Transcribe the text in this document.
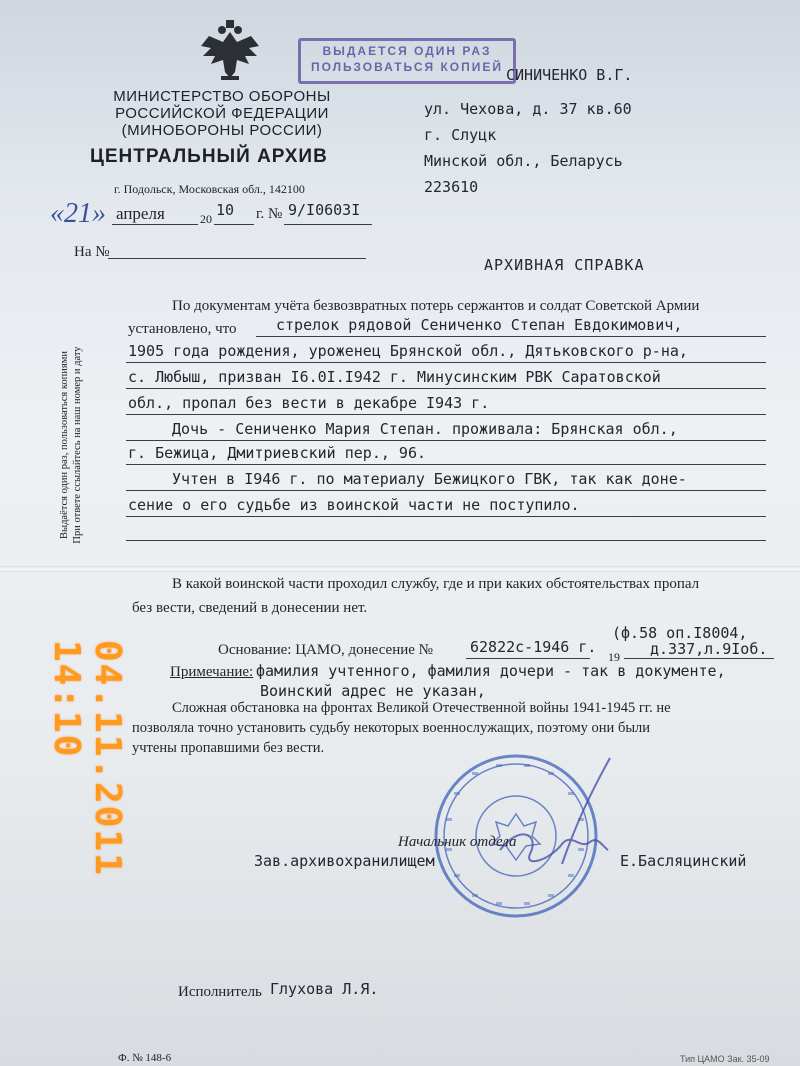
ВЫДАЕТСЯ ОДИН РАЗ
ПОЛЬЗОВАТЬСЯ КОПИЕЙ
МИНИСТЕРСТВО ОБОРОНЫ
РОССИЙСКОЙ ФЕДЕРАЦИИ
(МИНОБОРОНЫ РОССИИ)
ЦЕНТРАЛЬНЫЙ АРХИВ
г. Подольск, Московская обл., 142100
«21» апреля	20 10 г. № 9/I0603I
На №
СИНИЧЕНКО В.Г.
ул. Чехова, д. 37 кв.60
г. Слуцк
Минской обл., Беларусь
223610
АРХИВНАЯ СПРАВКА
Выдаётся один раз, пользоваться копиями При ответе ссылайтесь на наш номер и дату
По документам учёта безвозвратных потерь сержантов и солдат Советской Армии
установлено, что	стрелок рядовой Сениченко Степан Евдокимович,
1905 года рождения, уроженец Брянской обл., Дятьковского р-на,
с. Любыш, призван I6.0I.I942 г. Минусинским РВК Саратовской
обл., пропал без вести в декабре I943 г.
Дочь - Сениченко Мария Степан. проживала: Брянская обл.,
г. Бежица, Дмитриевский пер., 96.
Учтен в I946 г. по материалу Бежицкого ГВК, так как доне-
сение о его судьбе из воинской части не поступило.
В какой воинской части проходил службу, где и при каких обстоятельствах пропал
без вести, сведений в донесении нет.
(ф.58 оп.I8004,
Основание: ЦАМО, донесение № 62822с-1946 г.
19 д.337,л.9Iоб.
Примечание: фамилия учтенного, фамилия дочери - так в документе,
Воинский адрес не указан,
Сложная обстановка на фронтах Великой Отечественной войны 1941-1945 гг. не
позволяла точно установить судьбу некоторых военнослужащих, поэтому они были
учтены пропавшими без вести.
Начальник отдела
Зав.архивохранилищем	Е.Басляцинский
Исполнитель Глухова Л.Я.
Ф. № 148-6	Тип ЦАМО Зак. 35-09
04.11.2011 14:10
